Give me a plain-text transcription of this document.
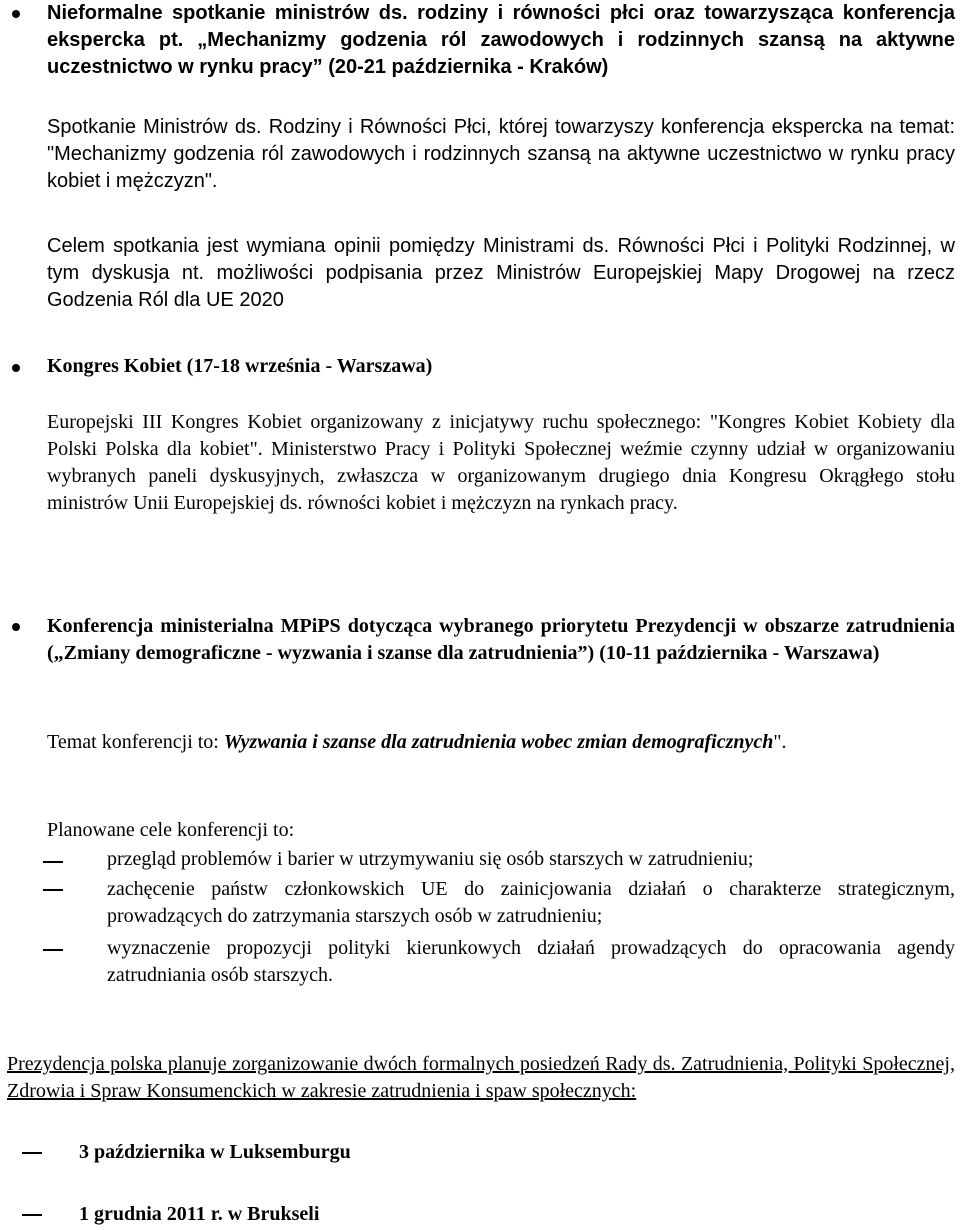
Nieformalne spotkanie ministrów ds. rodziny i równości płci oraz towarzysząca konferencja ekspercka pt. „Mechanizmy godzenia ról zawodowych i rodzinnych szansą na aktywne uczestnictwo w rynku pracy” (20-21 października - Kraków)
Spotkanie Ministrów ds. Rodziny i Równości Płci, której towarzyszy konferencja ekspercka na temat: "Mechanizmy godzenia ról zawodowych i rodzinnych szansą na aktywne uczestnictwo w rynku pracy kobiet i mężczyzn".
Celem spotkania jest wymiana opinii pomiędzy Ministrami ds. Równości Płci i Polityki Rodzinnej, w tym dyskusja nt. możliwości podpisania przez Ministrów Europejskiej Mapy Drogowej na rzecz Godzenia Ról dla UE 2020
Kongres Kobiet (17-18 września - Warszawa)
Europejski III Kongres Kobiet organizowany z inicjatywy ruchu społecznego: "Kongres Kobiet Kobiety dla Polski Polska dla kobiet". Ministerstwo Pracy i Polityki Społecznej weźmie czynny udział w organizowaniu wybranych paneli dyskusyjnych, zwłaszcza w organizowanym drugiego dnia Kongresu Okrągłego stołu ministrów Unii Europejskiej ds. równości kobiet i mężczyzn na rynkach pracy.
Konferencja ministerialna MPiPS dotycząca wybranego priorytetu Prezydencji w obszarze zatrudnienia („Zmiany demograficzne - wyzwania i szanse dla zatrudnienia”) (10-11 października - Warszawa)
Temat konferencji to: Wyzwania i szanse dla zatrudnienia wobec zmian demograficznych".
Planowane cele konferencji to:
przegląd problemów i barier w utrzymywaniu się osób starszych w zatrudnieniu;
zachęcenie państw członkowskich UE do zainicjowania działań o charakterze strategicznym, prowadzących do zatrzymania starszych osób w zatrudnieniu;
wyznaczenie propozycji polityki kierunkowych działań prowadzących do opracowania agendy zatrudniania osób starszych.
Prezydencja polska planuje zorganizowanie dwóch formalnych posiedzeń Rady ds. Zatrudnienia, Polityki Społecznej, Zdrowia i Spraw Konsumenckich w zakresie zatrudnienia i spaw społecznych:
3 października w Luksemburgu
1 grudnia 2011 r. w Brukseli
